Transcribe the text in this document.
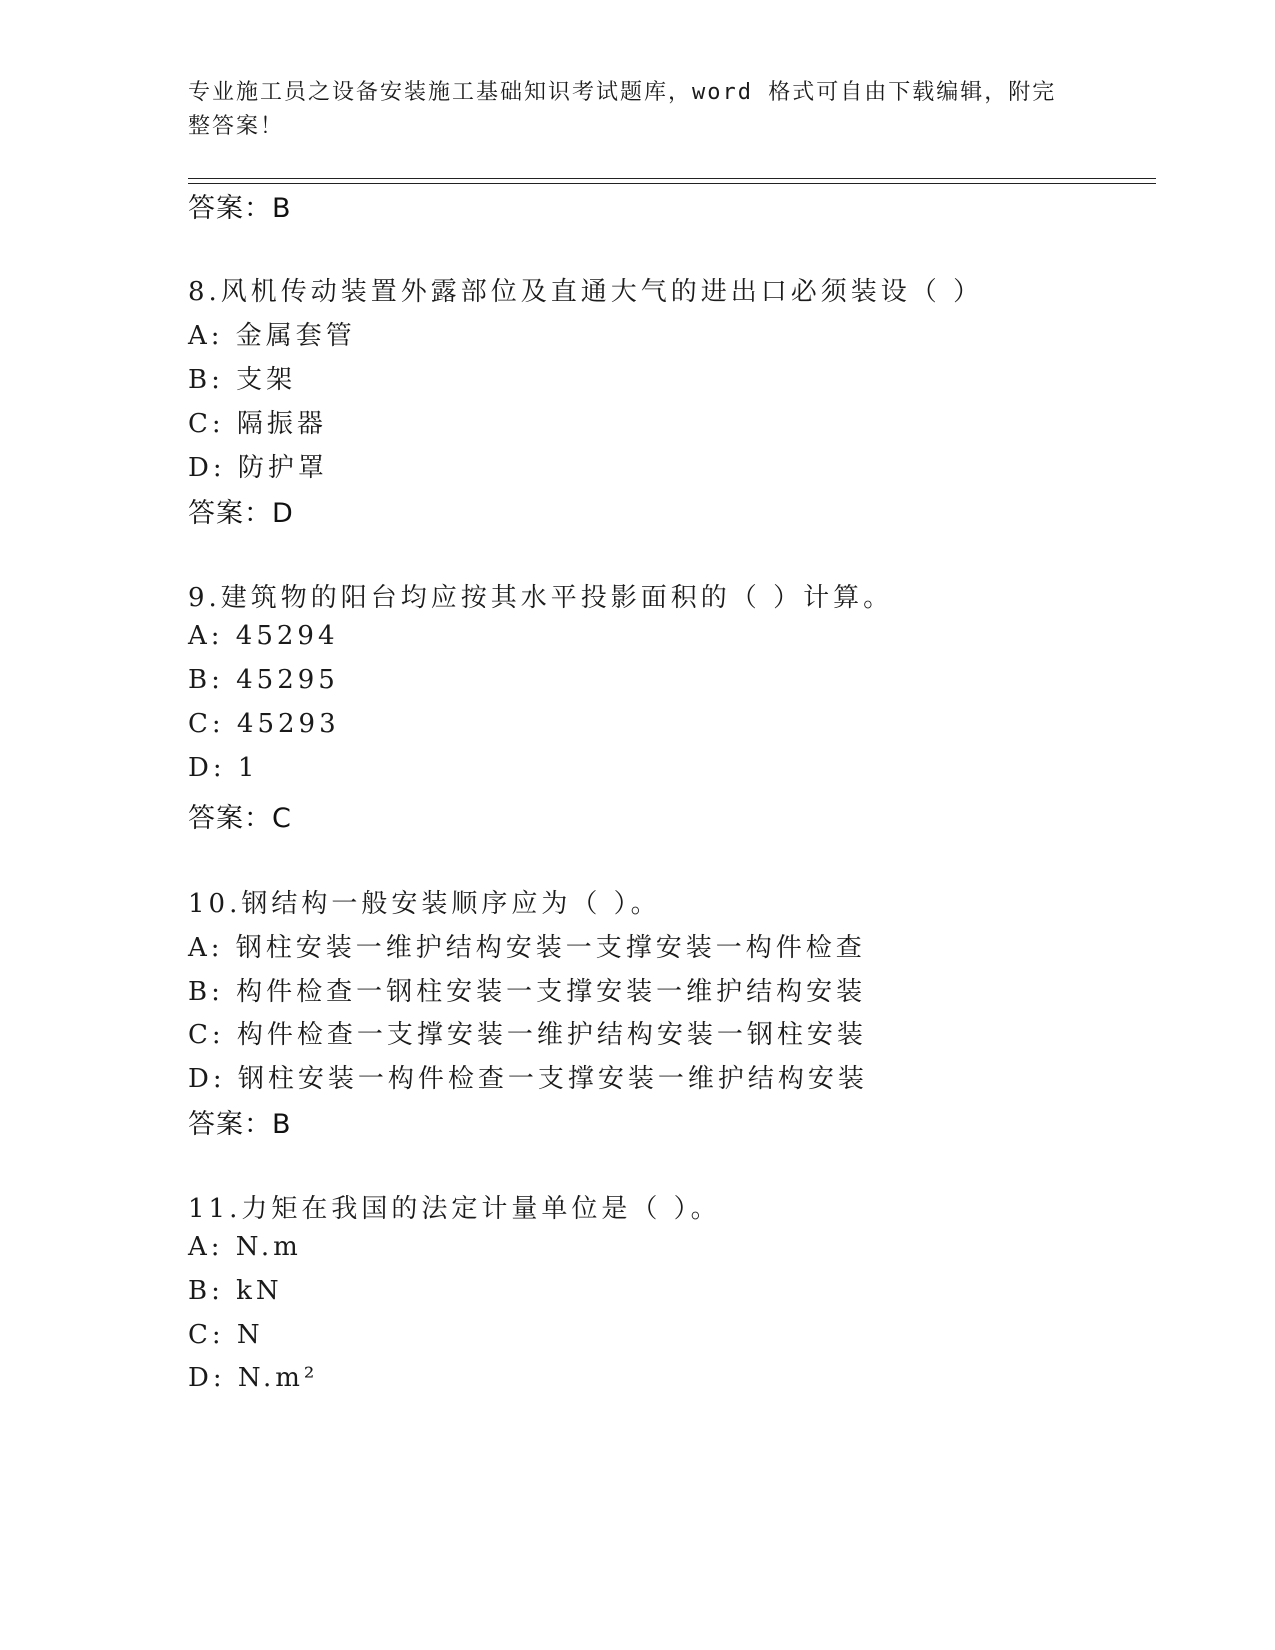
专业施工员之设备安装施工基础知识考试题库，word 格式可自由下载编辑，附完
整答案！
答案：B
8.风机传动装置外露部位及直通大气的进出口必须装设（ ）
A: 金属套管
B: 支架
C: 隔振器
D: 防护罩
答案：D
9.建筑物的阳台均应按其水平投影面积的（ ）计算。
A: 45294
B: 45295
C: 45293
D: 1
答案：C
10.钢结构一般安装顺序应为（ ）。
A: 钢柱安装一维护结构安装一支撑安装一构件检查
B: 构件检查一钢柱安装一支撑安装一维护结构安装
C: 构件检查一支撑安装一维护结构安装一钢柱安装
D: 钢柱安装一构件检查一支撑安装一维护结构安装
答案：B
11.力矩在我国的法定计量单位是（ ）。
A: N.m
B: kN
C: N
D: N.m²
